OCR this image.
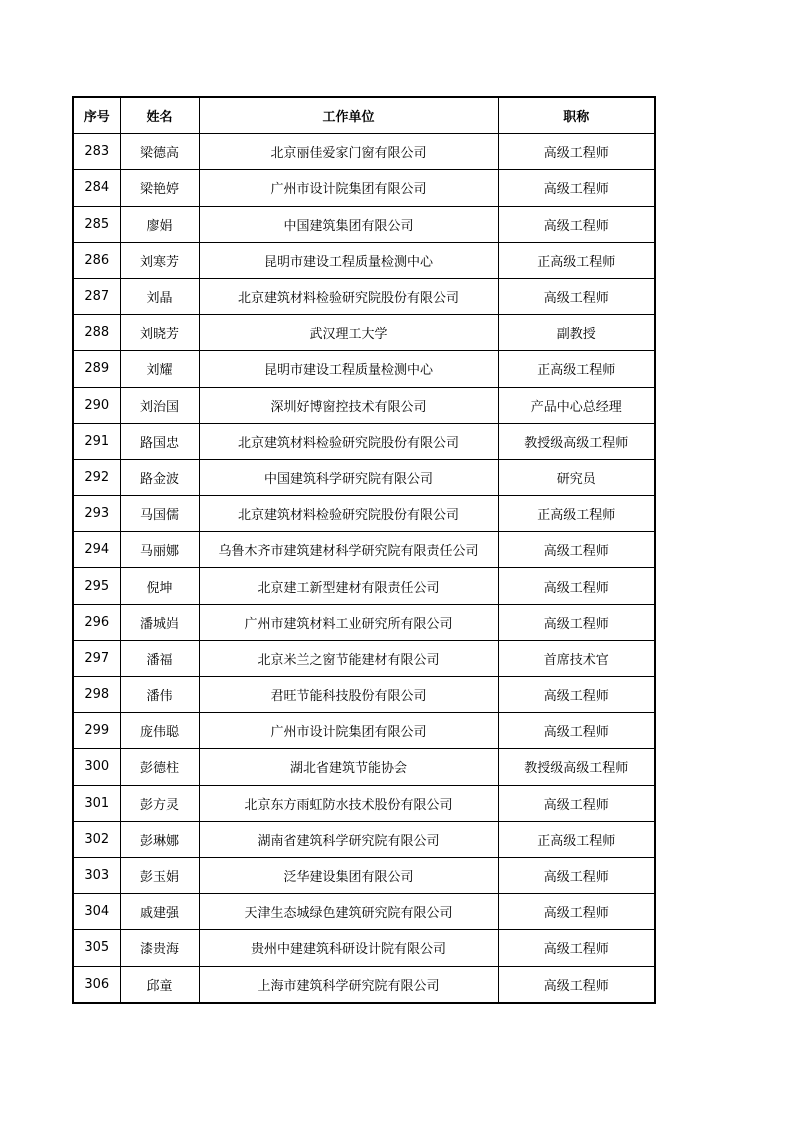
序号	姓名	工作单位	职称
283	梁德高	北京丽佳爱家门窗有限公司	高级工程师
284	梁艳婷	广州市设计院集团有限公司	高级工程师
285	廖娟	中国建筑集团有限公司	高级工程师
286	刘寒芳	昆明市建设工程质量检测中心	正高级工程师
287	刘晶	北京建筑材料检验研究院股份有限公司	高级工程师
288	刘晓芳	武汉理工大学	副教授
289	刘耀	昆明市建设工程质量检测中心	正高级工程师
290	刘治国	深圳好博窗控技术有限公司	产品中心总经理
291	路国忠	北京建筑材料检验研究院股份有限公司	教授级高级工程师
292	路金波	中国建筑科学研究院有限公司	研究员
293	马国儒	北京建筑材料检验研究院股份有限公司	正高级工程师
294	马丽娜	乌鲁木齐市建筑建材科学研究院有限责任公司	高级工程师
295	倪坤	北京建工新型建材有限责任公司	高级工程师
296	潘城岿	广州市建筑材料工业研究所有限公司	高级工程师
297	潘福	北京米兰之窗节能建材有限公司	首席技术官
298	潘伟	君旺节能科技股份有限公司	高级工程师
299	庞伟聪	广州市设计院集团有限公司	高级工程师
300	彭德柱	湖北省建筑节能协会	教授级高级工程师
301	彭方灵	北京东方雨虹防水技术股份有限公司	高级工程师
302	彭琳娜	湖南省建筑科学研究院有限公司	正高级工程师
303	彭玉娟	泛华建设集团有限公司	高级工程师
304	戚建强	天津生态城绿色建筑研究院有限公司	高级工程师
305	漆贵海	贵州中建建筑科研设计院有限公司	高级工程师
306	邱童	上海市建筑科学研究院有限公司	高级工程师
